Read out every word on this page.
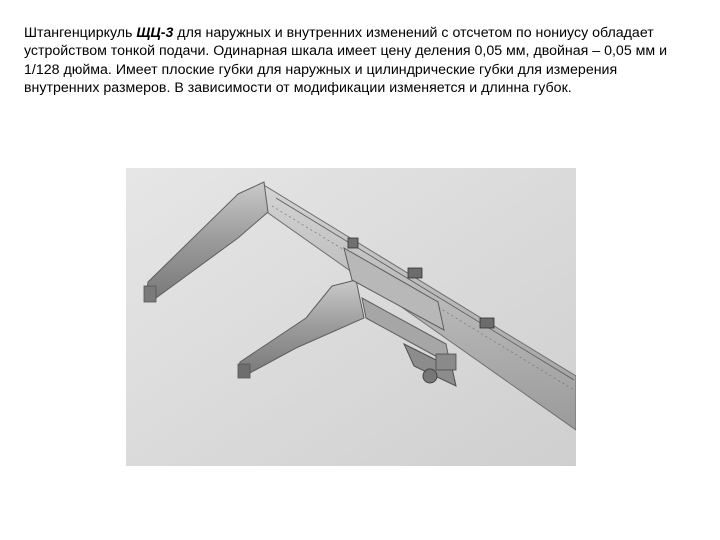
Штангенциркуль ЩЦ-3 для наружных и внутренних изменений с отсчетом по нониусу обладает устройством тонкой подачи. Одинарная шкала имеет цену деления 0,05 мм, двойная – 0,05 мм и 1/128 дюйма. Имеет плоские губки для наружных и цилиндрические губки для измерения внутренних размеров. В зависимости от модификации изменяется и длинна губок.
